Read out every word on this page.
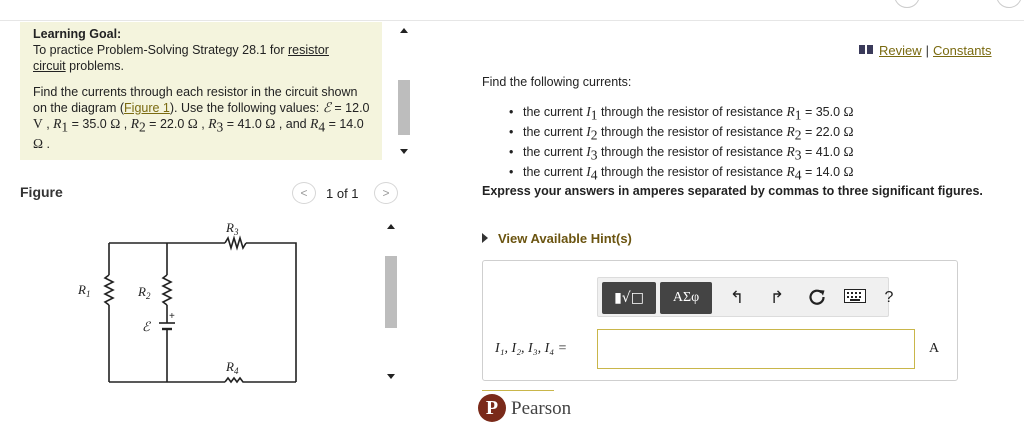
Learning Goal:
To practice Problem-Solving Strategy 28.1 for resistor
circuit problems.
Find the currents through each resistor in the circuit shown on the diagram (Figure 1). Use the following values: ℰ = 12.0 V , $R_1 = 35.0$ Ω , $R_2 = 22.0$ Ω , $R_3 = 41.0$ Ω , and $R_4 = 14.0$ Ω .
Figure	<	1 of 1	>
$R_1$	$R_2$
$R_3$
$R_4$
ℰ
+
Review | Constants
Find the following currents:
• the current $I_1$ through the resistor of resistance $R_1 = 35.0$ Ω
• the current $I_2$ through the resistor of resistance $R_2 = 22.0$ Ω
• the current $I_3$ through the resistor of resistance $R_3 = 41.0$ Ω
• the current $I_4$ through the resistor of resistance $R_4 = 14.0$ Ω
Express your answers in amperes separated by commas to three significant figures.
View Available Hint(s)
▮√□	ΑΣφ	↰ ↱	?
I₁, I₂, I₃, I₄ =	A
P Pearson
